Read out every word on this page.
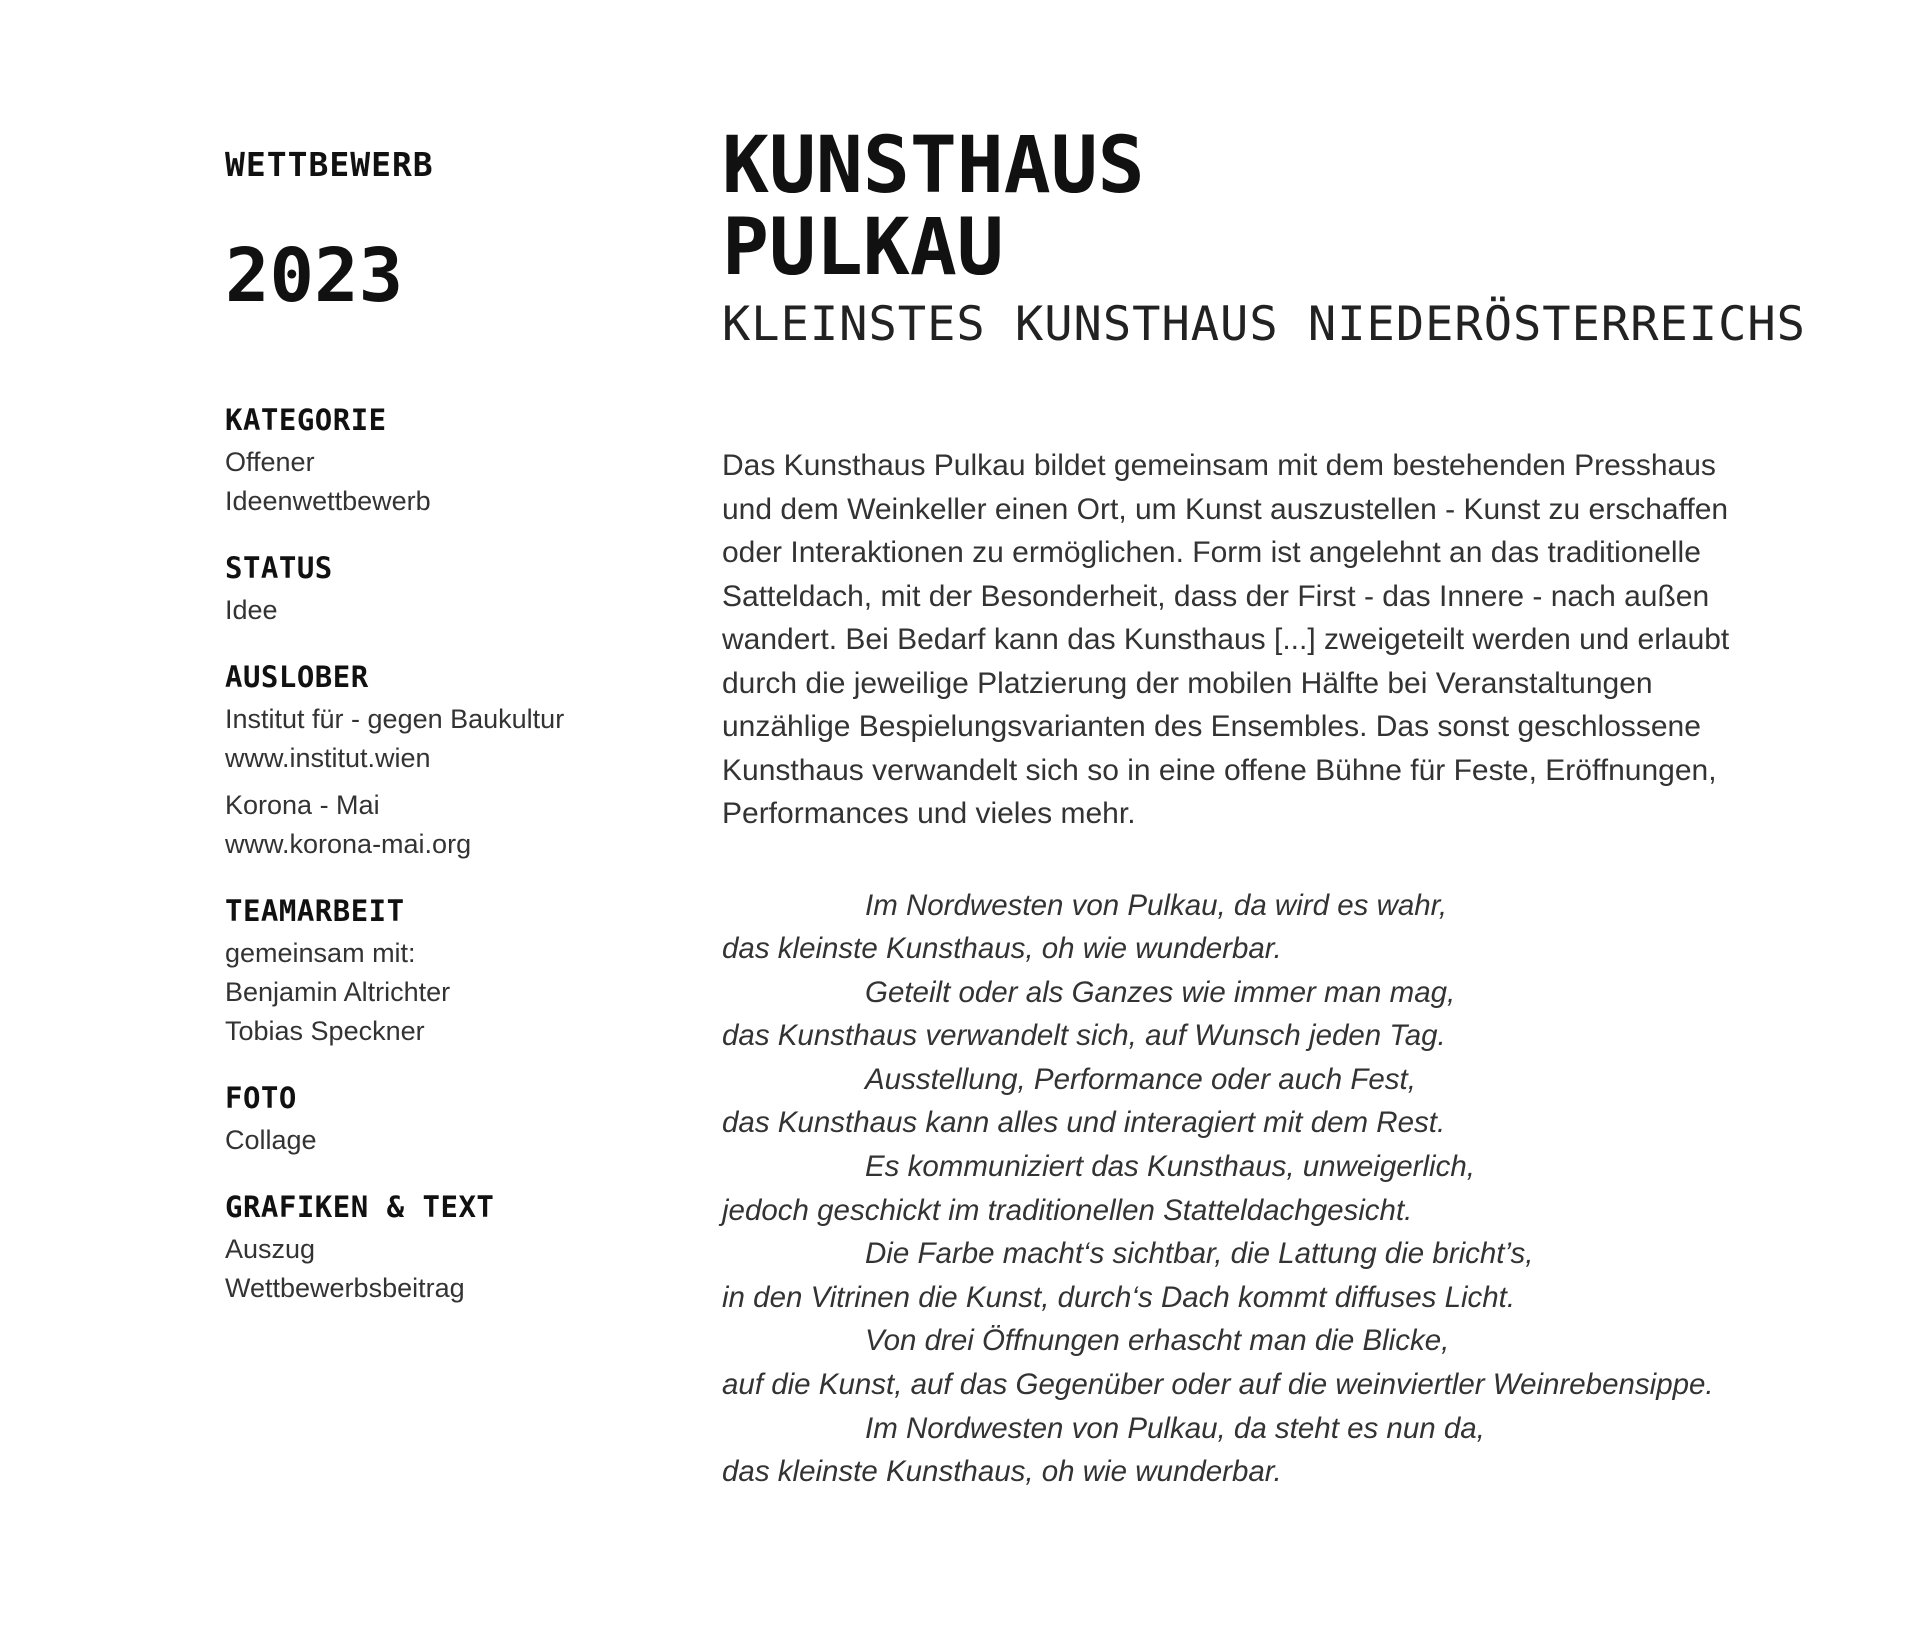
WETTBEWERB
2023
KATEGORIE
Offener
Ideenwettbewerb
STATUS
Idee
AUSLOBER
Institut für - gegen Baukultur
www.institut.wien
Korona - Mai
www.korona-mai.org
TEAMARBEIT
gemeinsam mit:
Benjamin Altrichter
Tobias Speckner
FOTO
Collage
GRAFIKEN & TEXT
Auszug
Wettbewerbsbeitrag
KUNSTHAUS
PULKAU
KLEINSTES KUNSTHAUS NIEDERÖSTERREICHS
Das Kunsthaus Pulkau bildet gemeinsam mit dem bestehenden Presshaus
und dem Weinkeller einen Ort, um Kunst auszustellen - Kunst zu erschaffen
oder Interaktionen zu ermöglichen. Form ist angelehnt an das traditionelle
Satteldach, mit der Besonderheit, dass der First - das Innere - nach außen
wandert. Bei Bedarf kann das Kunsthaus [...] zweigeteilt werden und erlaubt
durch die jeweilige Platzierung der mobilen Hälfte bei Veranstaltungen
unzählige Bespielungsvarianten des Ensembles. Das sonst geschlossene
Kunsthaus verwandelt sich so in eine offene Bühne für Feste, Eröffnungen,
Performances und vieles mehr.
Im Nordwesten von Pulkau, da wird es wahr,
das kleinste Kunsthaus, oh wie wunderbar.
Geteilt oder als Ganzes wie immer man mag,
das Kunsthaus verwandelt sich, auf Wunsch jeden Tag.
Ausstellung, Performance oder auch Fest,
das Kunsthaus kann alles und interagiert mit dem Rest.
Es kommuniziert das Kunsthaus, unweigerlich,
jedoch geschickt im traditionellen Statteldachgesicht.
Die Farbe macht‘s sichtbar, die Lattung die bricht’s,
in den Vitrinen die Kunst, durch‘s Dach kommt diffuses Licht.
Von drei Öffnungen erhascht man die Blicke,
auf die Kunst, auf das Gegenüber oder auf die weinviertler Weinrebensippe.
Im Nordwesten von Pulkau, da steht es nun da,
das kleinste Kunsthaus, oh wie wunderbar.
